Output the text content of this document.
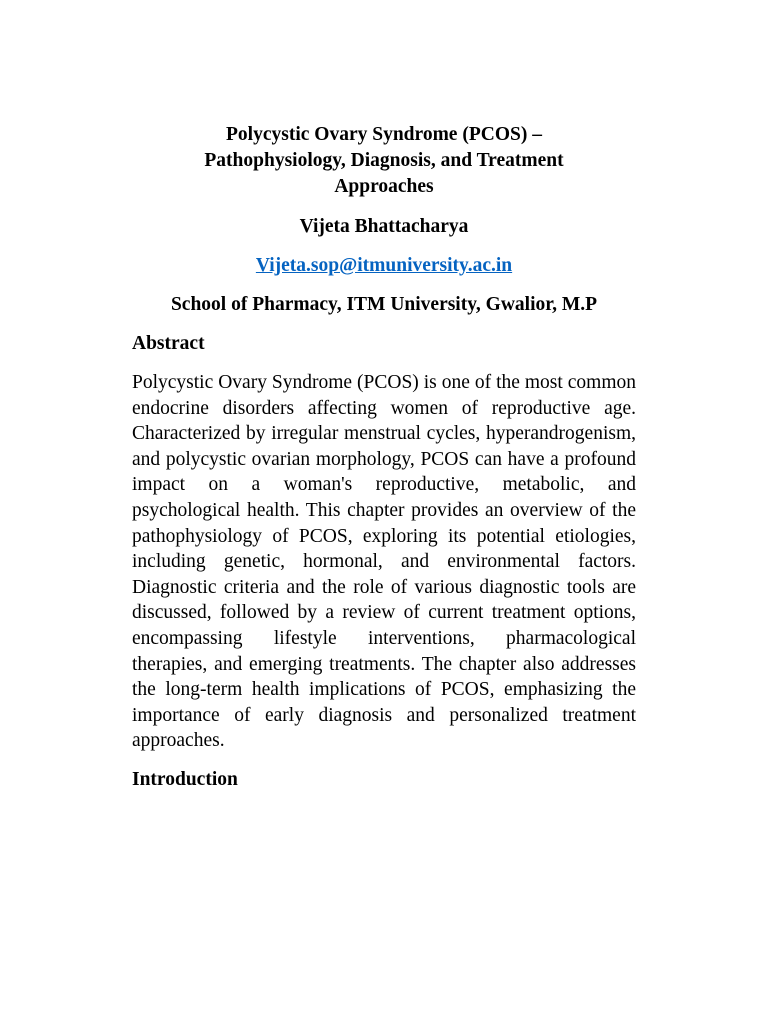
Polycystic Ovary Syndrome (PCOS) –
Pathophysiology, Diagnosis, and Treatment
Approaches
Vijeta Bhattacharya
Vijeta.sop@itmuniversity.ac.in
School of Pharmacy, ITM University, Gwalior, M.P
Abstract

Polycystic Ovary Syndrome (PCOS) is one of the most common endocrine disorders affecting women of reproductive age. Characterized by irregular menstrual cycles, hyperandrogenism, and polycystic ovarian morphology, PCOS can have a profound impact on a woman's reproductive, metabolic, and psychological health. This chapter provides an overview of the pathophysiology of PCOS, exploring its potential etiologies, including genetic, hormonal, and environmental factors. Diagnostic criteria and the role of various diagnostic tools are discussed, followed by a review of current treatment options, encompassing lifestyle interventions, pharmacological therapies, and emerging treatments. The chapter also addresses the long-term health implications of PCOS, emphasizing the importance of early diagnosis and personalized treatment approaches.

Introduction
